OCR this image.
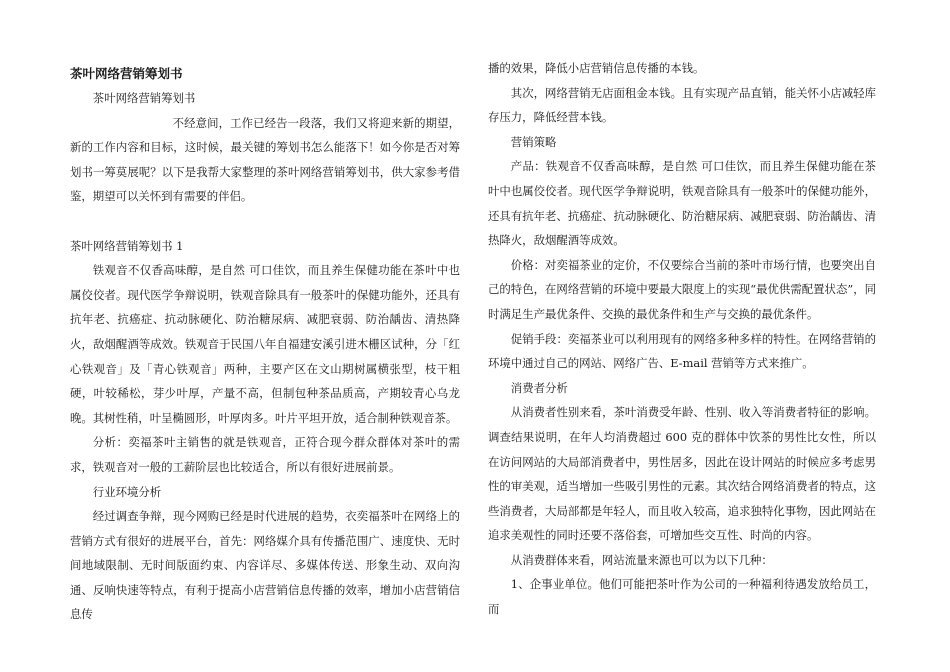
茶叶网络营销筹划书

茶叶网络营销筹划书

不经意间，工作已经告一段落，我们又将迎来新的期望，新的工作内容和目标，这时候，最关键的筹划书怎么能落下！如今你是否对筹划书一筹莫展呢？以下是我帮大家整理的茶叶网络营销筹划书，供大家参考借鉴，期望可以关怀到有需要的伴侣。

茶叶网络营销筹划书 1

铁观音不仅香高味醇，是自然 可口佳饮，而且养生保健功能在茶叶中也属佼佼者。现代医学争辩说明，铁观音除具有一般茶叶的保健功能外，还具有抗年老、抗癌症、抗动脉硬化、防治糖尿病、减肥衰弱、防治龋齿、清热降火，敌烟醒酒等成效。铁观音于民国八年自福建安溪引进木栅区试种，分「红心铁观音」及「青心铁观音」两种，主要产区在文山期树属横张型，枝干粗硬，叶较稀松，芽少叶厚，产量不高，但制包种茶品质高，产期较青心乌龙晚。其树性稍，叶呈椭圆形，叶厚肉多。叶片平坦开放，适合制种铁观音茶。

分析：奕福茶叶主销售的就是铁观音，正符合现今群众群体对茶叶的需求，铁观音对一般的工薪阶层也比较适合，所以有很好进展前景。

行业环境分析

经过调查争辩，现今网购已经是时代进展的趋势，衣奕福茶叶在网络上的营销方式有很好的进展平台，首先：网络媒介具有传播范围广、速度快、无时间地域限制、无时间版面约束、内容详尽、多媒体传送、形象生动、双向沟通、反响快速等特点，有利于提高小店营销信息传播的效率，增加小店营销信息传

播的效果，降低小店营销信息传播的本钱。

其次，网络营销无店面租金本钱。且有实现产品直销，能关怀小店减轻库存压力，降低经营本钱。

营销策略

产品：铁观音不仅香高味醇，是自然 可口佳饮，而且养生保健功能在茶叶中也属佼佼者。现代医学争辩说明，铁观音除具有一般茶叶的保健功能外，还具有抗年老、抗癌症、抗动脉硬化、防治糖尿病、减肥衰弱、防治龋齿、清热降火，敌烟醒酒等成效。

价格：对奕福茶业的定价，不仅要综合当前的茶叶市场行情，也要突出自己的特色，在网络营销的环境中要最大限度上的实现“最优供需配置状态”，同时满足生产最优条件、交换的最优条件和生产与交换的最优条件。

促销手段：奕福茶业可以利用现有的网络多种多样的特性。在网络营销的环境中通过自己的网站、网络广告、E-mail 营销等方式来推广。

消费者分析

从消费者性别来看，茶叶消费受年龄、性别、收入等消费者特征的影响。调查结果说明，在年人均消费超过 600 克的群体中饮茶的男性比女性，所以在访问网站的大局部消费者中，男性居多，因此在设计网站的时候应多考虑男性的审美观，适当增加一些吸引男性的元素。其次结合网络消费者的特点，这些消费者，大局部都是年轻人，而且收入较高，追求独特化事物，因此网站在追求美观性的同时还要不落俗套，可增加些交互性、时尚的内容。

从消费群体来看，网站流量来源也可以为以下几种：

1、企事业单位。他们可能把茶叶作为公司的一种福利待遇发放给员工，而
